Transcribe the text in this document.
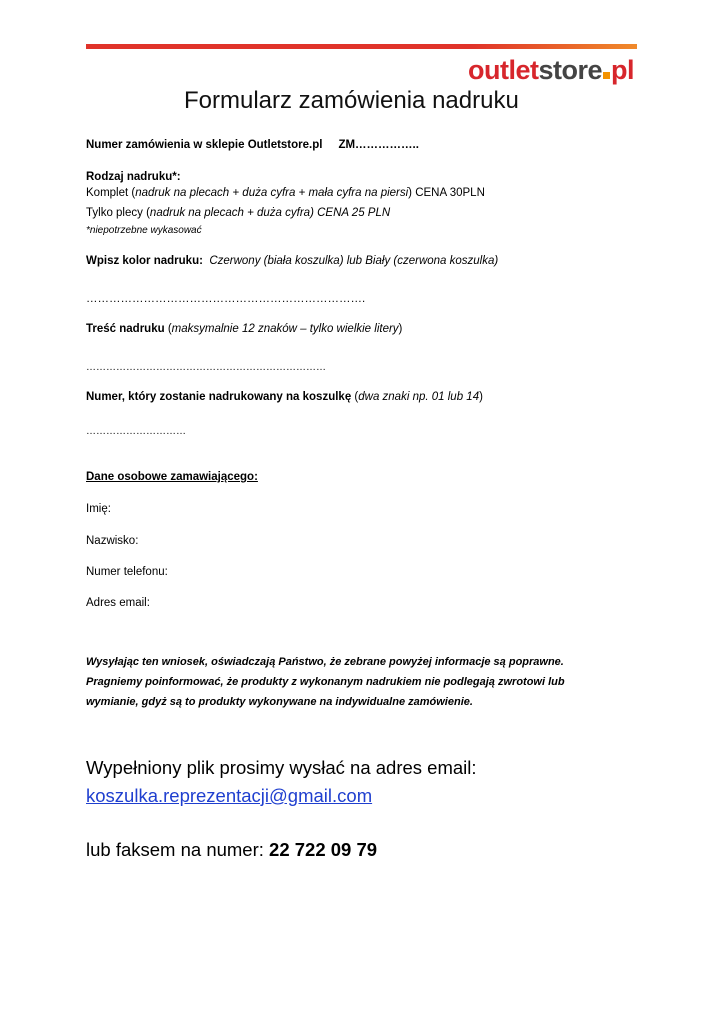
outletstore pl
Formularz zamówienia nadruku
Numer zamówienia w sklepie Outletstore.pl ZM……………..
Rodzaj nadruku*:
Komplet (nadruk na plecach + duża cyfra + mała cyfra na piersi) CENA 30PLN
Tylko plecy (nadruk na plecach + duża cyfra) CENA 25 PLN
*niepotrzebne wykasować
Wpisz kolor nadruku: Czerwony (biała koszulka) lub Biały (czerwona koszulka)
……………………………………………………………….
Treść nadruku (maksymalnie 12 znaków – tylko wielkie litery)
………………………………………………………………
Numer, który zostanie nadrukowany na koszulkę (dwa znaki np. 01 lub 14)
…………………………
Dane osobowe zamawiającego:
Imię:
Nazwisko:
Numer telefonu:
Adres email:
Wysyłając ten wniosek, oświadczają Państwo, że zebrane powyżej informacje są poprawne.
Pragniemy poinformować, że produkty z wykonanym nadrukiem nie podlegają zwrotowi lub
wymianie, gdyż są to produkty wykonywane na indywidualne zamówienie.
Wypełniony plik prosimy wysłać na adres email:
koszulka.reprezentacji@gmail.com
lub faksem na numer: 22 722 09 79
